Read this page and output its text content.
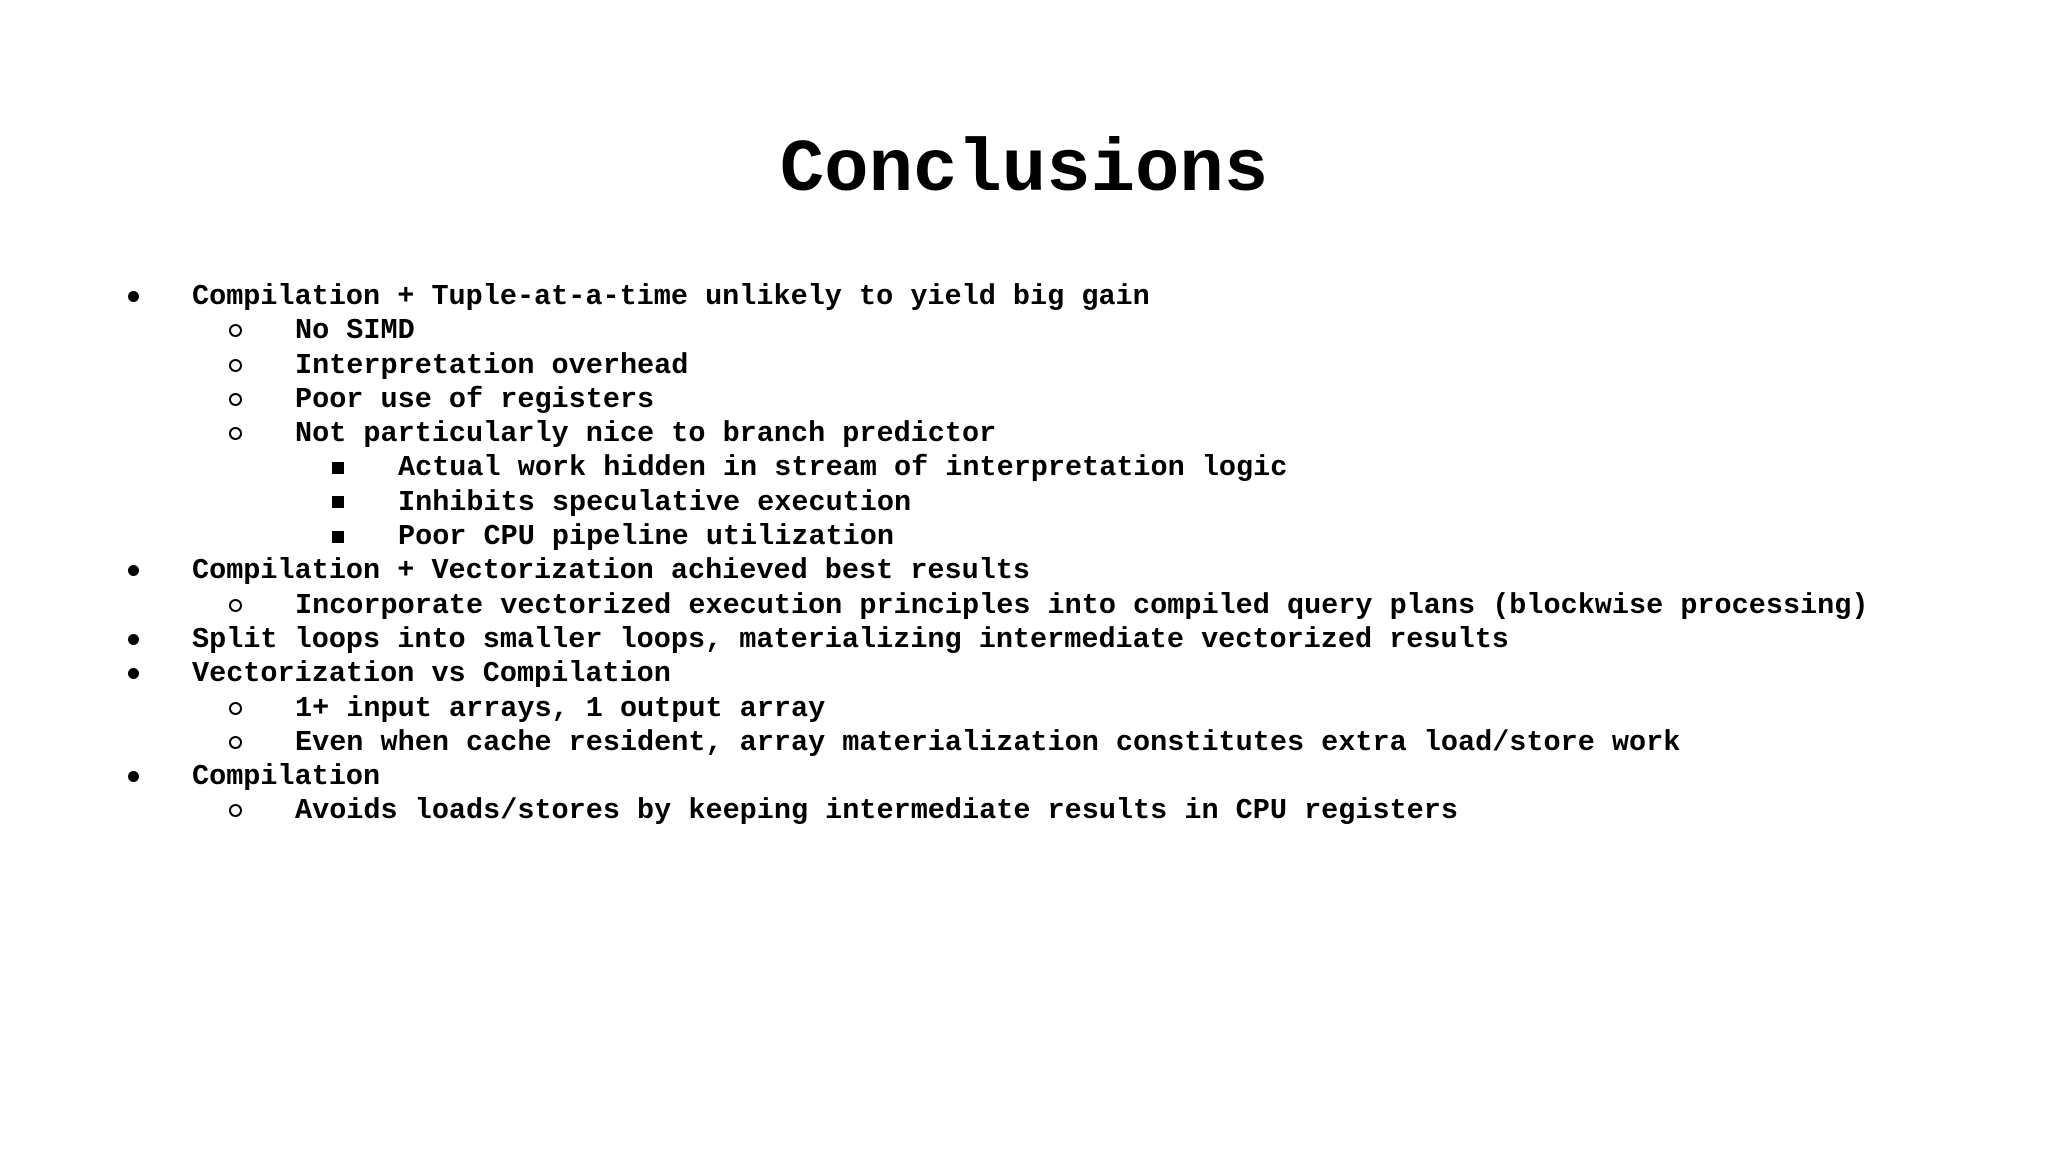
Conclusions
Compilation + Tuple-at-a-time unlikely to yield big gain
No SIMD
Interpretation overhead
Poor use of registers
Not particularly nice to branch predictor
Actual work hidden in stream of interpretation logic
Inhibits speculative execution
Poor CPU pipeline utilization
Compilation + Vectorization achieved best results
Incorporate vectorized execution principles into compiled query plans (blockwise processing)
Split loops into smaller loops, materializing intermediate vectorized results
Vectorization vs Compilation
1+ input arrays, 1 output array
Even when cache resident, array materialization constitutes extra load/store work
Compilation
Avoids loads/stores by keeping intermediate results in CPU registers
